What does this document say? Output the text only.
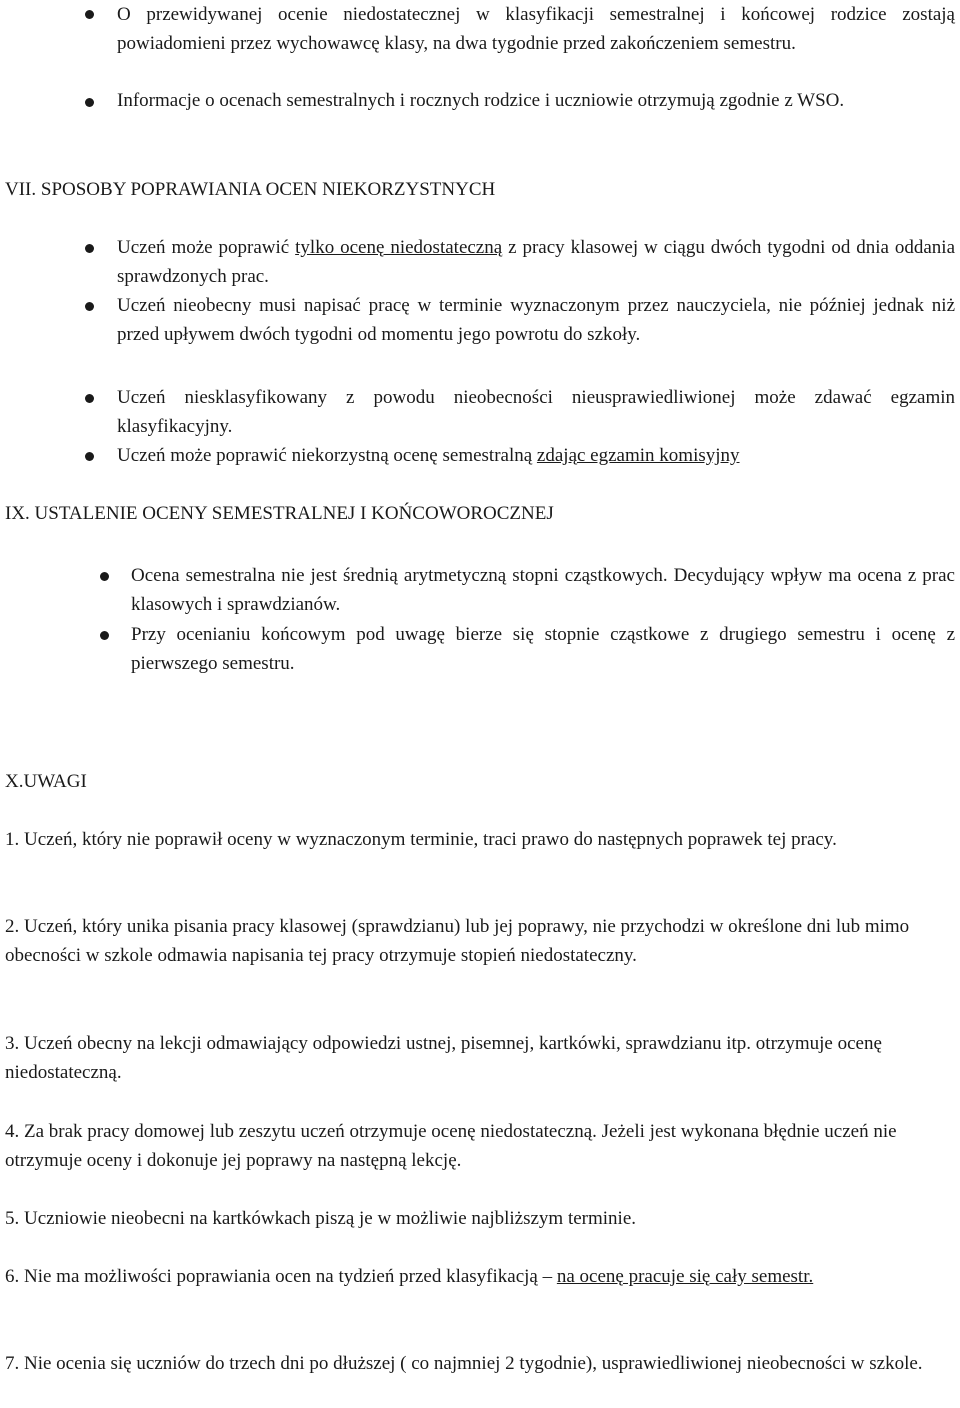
O przewidywanej ocenie niedostatecznej w klasyfikacji semestralnej i końcowej rodzice zostają powiadomieni przez wychowawcę klasy, na dwa tygodnie przed zakończeniem semestru.

Informacje o ocenach semestralnych i rocznych rodzice i uczniowie otrzymują zgodnie z WSO.

VII. SPOSOBY POPRAWIANIA OCEN NIEKORZYSTNYCH

Uczeń może poprawić tylko ocenę niedostateczną z pracy klasowej w ciągu dwóch tygodni od dnia oddania sprawdzonych prac.

Uczeń nieobecny musi napisać pracę w terminie wyznaczonym przez nauczyciela, nie później jednak niż przed upływem dwóch tygodni od momentu jego powrotu do szkoły.

Uczeń niesklasyfikowany z powodu nieobecności nieusprawiedliwionej może zdawać egzamin klasyfikacyjny.

Uczeń może poprawić niekorzystną ocenę semestralną zdając egzamin komisyjny

IX. USTALENIE OCENY SEMESTRALNEJ I KOŃCOWOROCZNEJ

Ocena semestralna nie jest średnią arytmetyczną stopni cząstkowych. Decydujący wpływ ma ocena z prac klasowych i sprawdzianów.

Przy ocenianiu końcowym pod uwagę bierze się stopnie cząstkowe z drugiego semestru i ocenę z pierwszego semestru.

X.UWAGI

1. Uczeń, który nie poprawił oceny w wyznaczonym terminie, traci prawo do następnych poprawek tej pracy.

2. Uczeń, który unika pisania pracy klasowej (sprawdzianu) lub jej poprawy, nie przychodzi w określone dni lub mimo obecności w szkole odmawia napisania tej pracy otrzymuje stopień niedostateczny.

3. Uczeń obecny na lekcji odmawiający odpowiedzi ustnej, pisemnej, kartkówki, sprawdzianu itp. otrzymuje ocenę niedostateczną.

4. Za brak pracy domowej lub zeszytu uczeń otrzymuje ocenę niedostateczną. Jeżeli jest wykonana błędnie uczeń nie otrzymuje oceny i dokonuje jej poprawy na następną lekcję.

5. Uczniowie nieobecni na kartkówkach piszą je w możliwie najbliższym terminie.

6. Nie ma możliwości poprawiania ocen na tydzień przed klasyfikacją – na ocenę pracuje się cały semestr.

7. Nie ocenia się uczniów do trzech dni po dłuższej ( co najmniej 2 tygodnie), usprawiedliwionej nieobecności w szkole.
